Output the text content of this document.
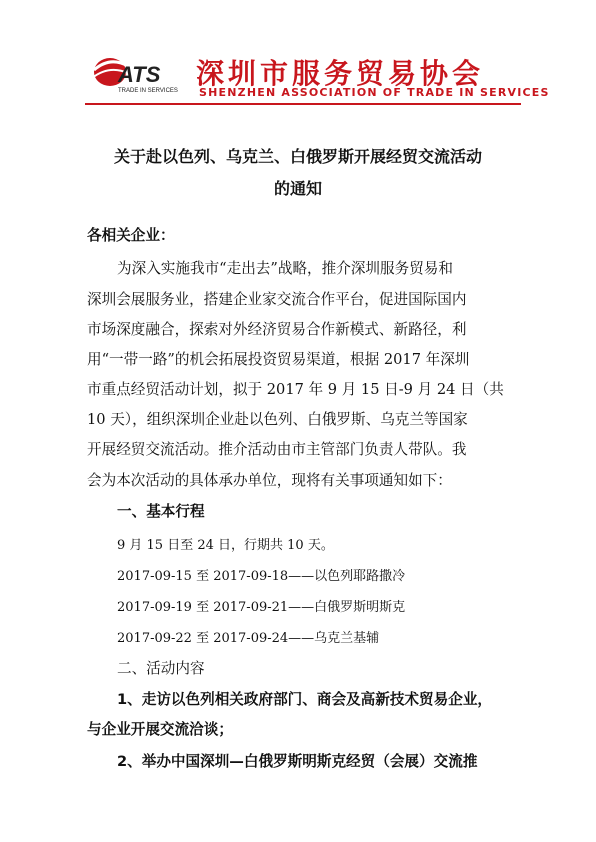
ATS
TRADE IN SERVICES
深圳市服务贸易协会
SHENZHEN ASSOCIATION OF TRADE IN SERVICES
关于赴以色列、乌克兰、白俄罗斯开展经贸交流活动
的通知
各相关企业：
为深入实施我市“走出去”战略，推介深圳服务贸易和
深圳会展服务业，搭建企业家交流合作平台，促进国际国内
市场深度融合，探索对外经济贸易合作新模式、新路径，利
用“一带一路”的机会拓展投资贸易渠道，根据 2017 年深圳
市重点经贸活动计划，拟于 2017 年 9 月 15 日-9 月 24 日（共
10 天），组织深圳企业赴以色列、白俄罗斯、乌克兰等国家
开展经贸交流活动。推介活动由市主管部门负责人带队。我
会为本次活动的具体承办单位，现将有关事项通知如下：
一、基本行程
9 月 15 日至 24 日，行期共 10 天。
2017-09-15 至 2017-09-18——以色列耶路撒冷
2017-09-19 至 2017-09-21——白俄罗斯明斯克
2017-09-22 至 2017-09-24——乌克兰基辅
二、活动内容
1、走访以色列相关政府部门、商会及高新技术贸易企业，
与企业开展交流洽谈；
2、举办中国深圳—白俄罗斯明斯克经贸（会展）交流推
